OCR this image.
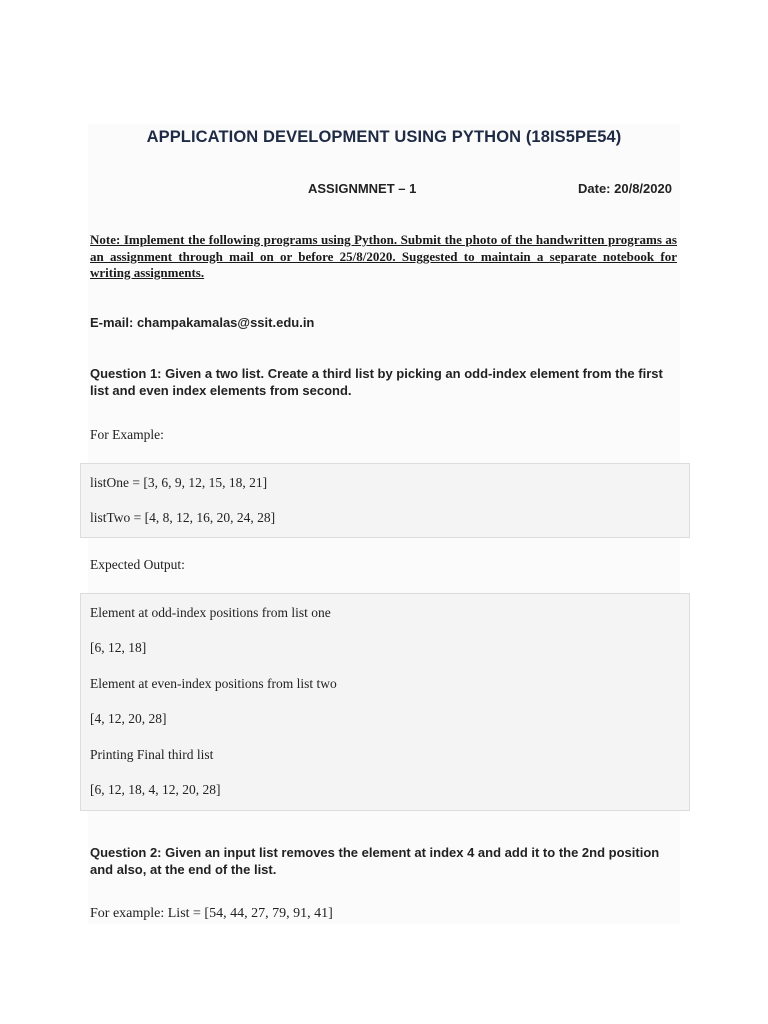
APPLICATION DEVELOPMENT USING PYTHON (18IS5PE54)
ASSIGNMNET – 1	Date: 20/8/2020
Note: Implement the following programs using Python. Submit the photo of the handwritten programs as an assignment through mail on or before 25/8/2020. Suggested to maintain a separate notebook for writing assignments.
E-mail: champakamalas@ssit.edu.in
Question 1: Given a two list. Create a third list by picking an odd-index element from the first list and even index elements from second.
For Example:
listOne = [3, 6, 9, 12, 15, 18, 21]
listTwo = [4, 8, 12, 16, 20, 24, 28]
Expected Output:
Element at odd-index positions from list one
[6, 12, 18]
Element at even-index positions from list two
[4, 12, 20, 28]
Printing Final third list
[6, 12, 18, 4, 12, 20, 28]
Question 2: Given an input list removes the element at index 4 and add it to the 2nd position and also, at the end of the list.
For example: List = [54, 44, 27, 79, 91, 41]
